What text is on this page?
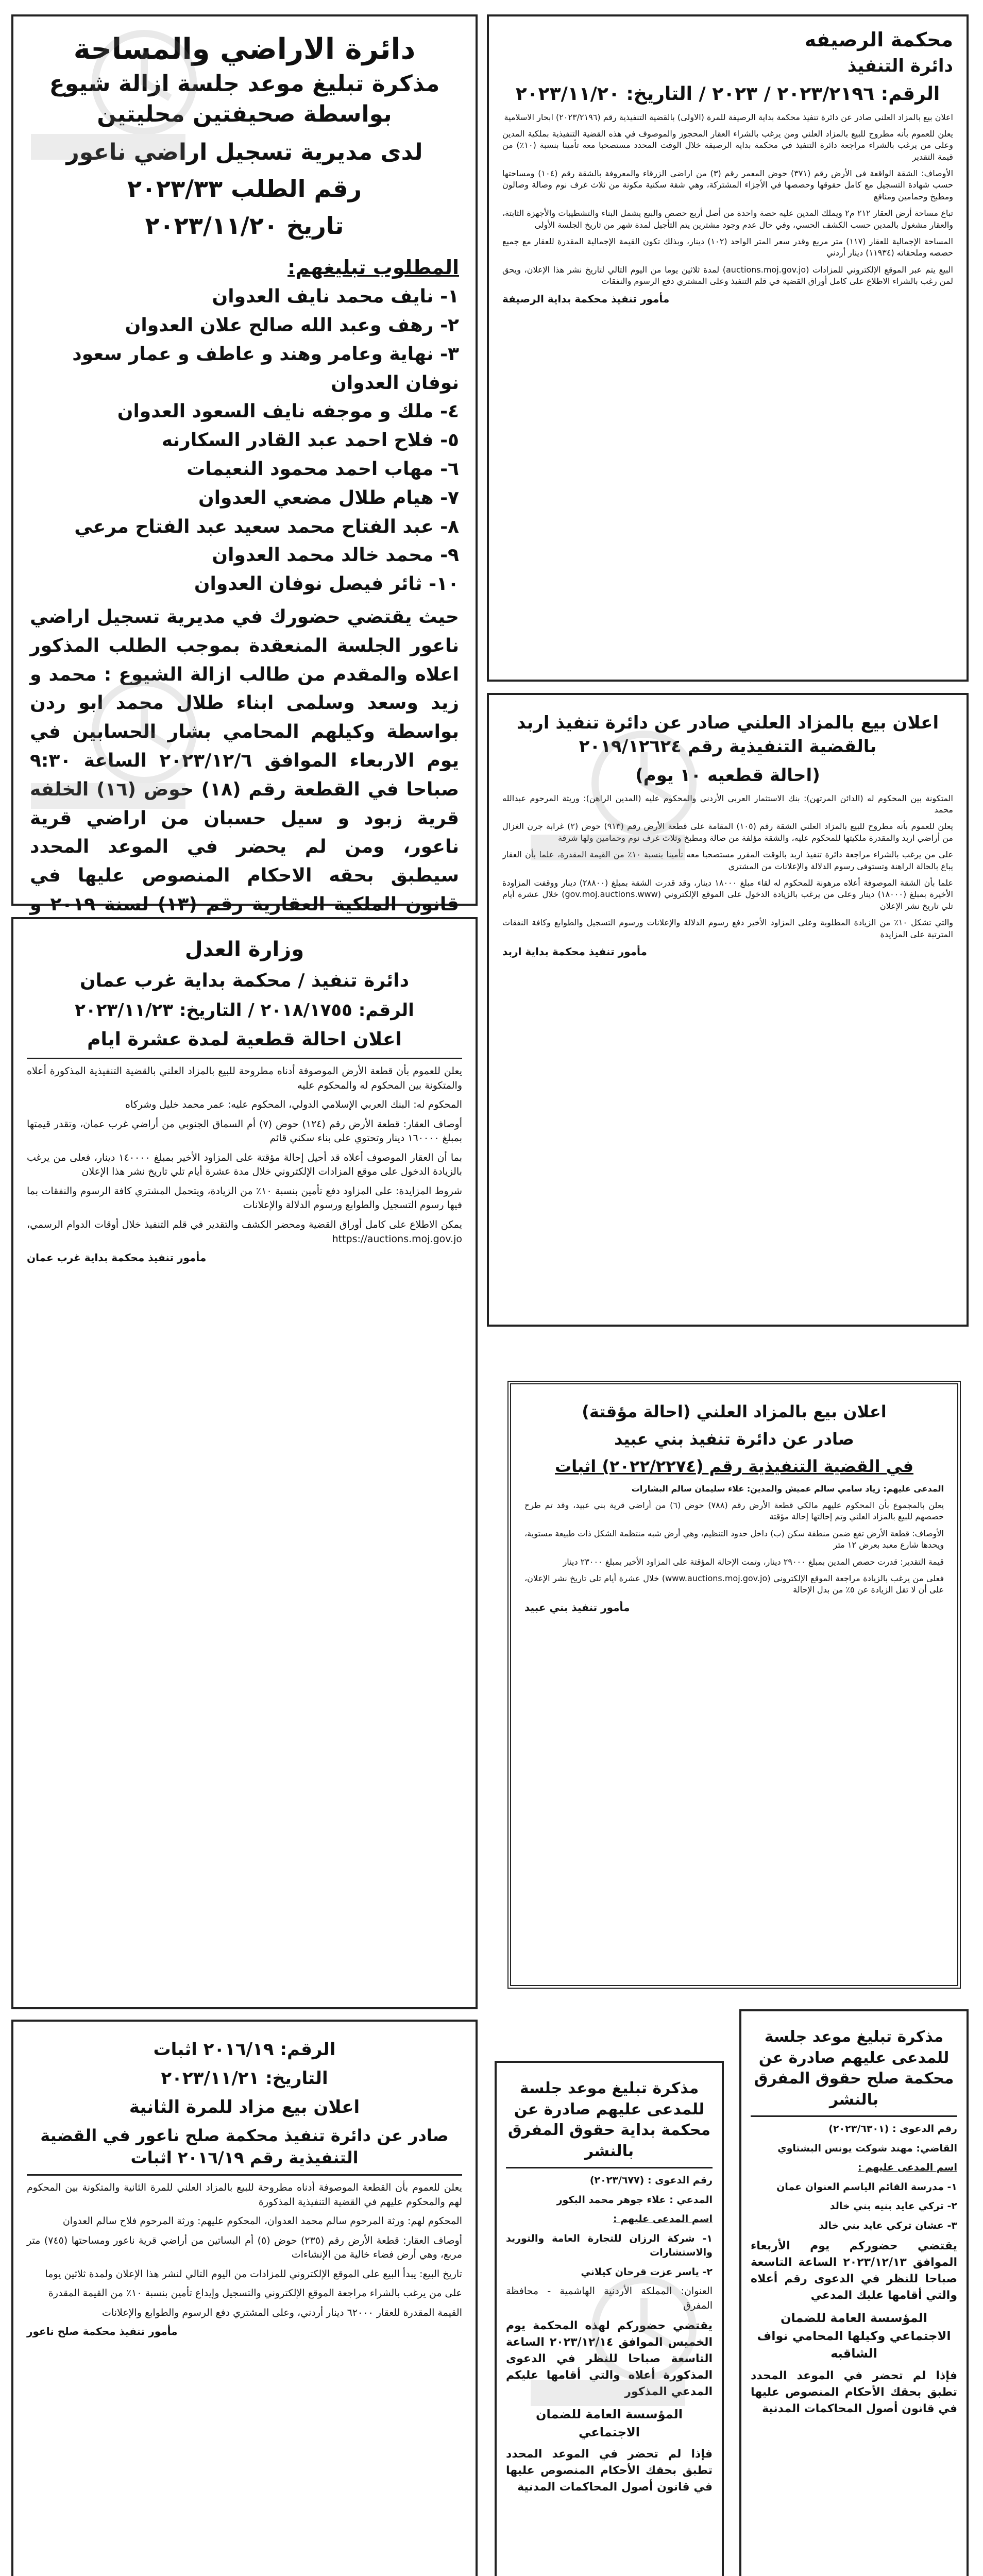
محكمة الرصيفه
دائرة التنفيذ
الرقم: ٢٠٢٣/٢١٩٦ / ٢٠٢٣ / التاريخ: ٢٠٢٣/١١/٢٠

اعلان بيع بالمزاد العلني صادر عن دائرة تنفيذ محكمة بداية الرصيفة للمرة (الاولى) بالقضية التنفيذية رقم (٢٠٢٣/٢١٩٦) ابحار الاسلامية

يعلن للعموم بأنه مطروح للبيع بالمزاد العلني ومن يرغب بالشراء العقار المحجوز والموصوف في هذه القضية التنفيذية بملكية المدين وعلى من يرغب بالشراء مراجعة دائرة التنفيذ في محكمة بداية الرصيفة خلال الوقت المحدد مستصحبا معه تأمينا بنسبة (١٠٪) من قيمة التقدير

الأوصاف: الشقة الواقعة في الأرض رقم (٣٧١) حوض المعمر رقم (٣) من اراضي الزرقاء والمعروفة بالشقة رقم (١٠٤) ومساحتها حسب شهادة التسجيل مع كامل حقوقها وحصصها في الأجزاء المشتركة، وهي شقة سكنية مكونة من ثلاث غرف نوم وصالة وصالون ومطبخ وحمامين ومنافع

تباع مساحة أرض العقار ٢١٢ م٢ ويملك المدين عليه حصة واحدة من أصل أربع حصص والبيع يشمل البناء والتشطيبات والأجهزة الثابتة، والعقار مشغول بالمدين حسب الكشف الحسي، وفي حال عدم وجود مشترين يتم التأجيل لمدة شهر من تاريخ الجلسة الأولى

المساحة الإجمالية للعقار (١١٧) متر مربع وقدر سعر المتر الواحد (١٠٢) دينار، وبذلك تكون القيمة الإجمالية المقدرة للعقار مع جميع حصصه وملحقاته (١١٩٣٤) دينار أردني

البيع يتم عبر الموقع الإلكتروني للمزادات (auctions.moj.gov.jo) لمدة ثلاثين يوما من اليوم التالي لتاريخ نشر هذا الإعلان، ويحق لمن رغب بالشراء الاطلاع على كامل أوراق القضية في قلم التنفيذ وعلى المشتري دفع الرسوم والنفقات

مأمور تنفيذ محكمة بداية الرصيفة
دائرة الاراضي والمساحة
مذكرة تبليغ موعد جلسة ازالة شيوع
بواسطة صحيفتين محليتين
لدى مديرية تسجيل اراضي ناعور
رقم الطلب ٢٠٢٣/٣٣
تاريخ ٢٠٢٣/١١/٢٠
المطلوب تبليغهم:
١- نايف محمد نايف العدوان
٢- رهف وعبد الله صالح علان العدوان
٣- نهاية وعامر وهند و عاطف و عمار سعود نوفان العدوان
٤- ملك و موجفه نايف السعود العدوان
٥- فلاح احمد عبد القادر السكارنه
٦- مهاب احمد محمود النعيمات
٧- هيام طلال مضعي العدوان
٨- عبد الفتاح محمد سعيد عبد الفتاح مرعي
٩- محمد خالد محمد العدوان
١٠- ثائر فيصل نوفان العدوان
حيث يقتضي حضورك في مديرية تسجيل اراضي ناعور الجلسة المنعقدة بموجب الطلب المذكور اعلاه والمقدم من طالب ازالة الشيوع : محمد و زيد وسعد وسلمى ابناء طلال محمد ابو ردن بواسطة وكيلهم المحامي بشار الحسابين في يوم الاربعاء الموافق ٢٠٢٣/١٢/٦ الساعة ٩:٣٠ صباحا في القطعة رقم (١٨) حوض (١٦) الخلفه قرية زبود و سيل حسبان من اراضي قرية ناعور، ومن لم يحضر في الموعد المحدد سيطبق بحقه الاحكام المنصوص عليها في قانون الملكية العقارية رقم (١٣) لسنة ٢٠١٩ و
اعلان بيع بالمزاد العلني صادر عن دائرة تنفيذ اربد بالقضية التنفيذية رقم ٢٠١٩/١٢٦٢٤
(احالة قطعيه ١٠ يوم)

المتكونة بين المحكوم له (الدائن المرتهن): بنك الاستثمار العربي الأردني والمحكوم عليه (المدين الراهن): وريثة المرحوم عبدالله محمد

يعلن للعموم بأنه مطروح للبيع بالمزاد العلني الشقة رقم (١٠٥) المقامة على قطعة الأرض رقم (٩١٣) حوض (٢) غرابة جرن الغزال من أراضي اربد والمقدرة ملكيتها للمحكوم عليه، والشقة مؤلفة من صالة ومطبخ وثلاث غرف نوم وحمامين ولها شرفة

على من يرغب بالشراء مراجعة دائرة تنفيذ اربد بالوقت المقرر مستصحبا معه تأمينا بنسبة ١٠٪ من القيمة المقدرة، علما بأن العقار يباع بالحالة الراهنة وتستوفى رسوم الدلالة والإعلانات من المشتري

علما بأن الشقة الموصوفة أعلاه مرهونة للمحكوم له لقاء مبلغ ١٨٠٠٠ دينار، وقد قدرت الشقة بمبلغ (٢٨٨٠٠) دينار ووقفت المزاودة الأخيرة بمبلغ (١٨٠٠٠) دينار وعلى من يرغب بالزيادة الدخول على الموقع الإلكتروني (gov.moj.auctions.www) خلال عشرة أيام تلي تاريخ نشر الإعلان

والتي تشكل ١٠٪ من الزيادة المطلوبة وعلى المزاود الأخير دفع رسوم الدلالة والإعلانات ورسوم التسجيل والطوابع وكافة النفقات المترتبة على المزايدة

مأمور تنفيذ محكمة بداية اربد
وزارة العدل
دائرة تنفيذ / محكمة بداية غرب عمان
الرقم: ٢٠١٨/١٧٥٥ / التاريخ: ٢٠٢٣/١١/٢٣
اعلان احالة قطعية لمدة عشرة ايام

يعلن للعموم بأن قطعة الأرض الموصوفة أدناه مطروحة للبيع بالمزاد العلني بالقضية التنفيذية المذكورة أعلاه والمتكونة بين المحكوم له والمحكوم عليه

المحكوم له: البنك العربي الإسلامي الدولي، المحكوم عليه: عمر محمد خليل وشركاه

أوصاف العقار: قطعة الأرض رقم (١٢٤) حوض (٧) أم السماق الجنوبي من أراضي غرب عمان، وتقدر قيمتها بمبلغ ١٦٠٠٠٠ دينار وتحتوي على بناء سكني قائم

بما أن العقار الموصوف أعلاه قد أحيل إحالة مؤقتة على المزاود الأخير بمبلغ ١٤٠٠٠٠ دينار، فعلى من يرغب بالزيادة الدخول على موقع المزادات الإلكتروني خلال مدة عشرة أيام تلي تاريخ نشر هذا الإعلان

شروط المزايدة: على المزاود دفع تأمين بنسبة ١٠٪ من الزيادة، ويتحمل المشتري كافة الرسوم والنفقات بما فيها رسوم التسجيل والطوابع ورسوم الدلالة والإعلانات

يمكن الاطلاع على كامل أوراق القضية ومحضر الكشف والتقدير في قلم التنفيذ خلال أوقات الدوام الرسمي، https://auctions.moj.gov.jo

مأمور تنفيذ محكمة بداية غرب عمان
اعلان بيع بالمزاد العلني (احالة مؤقتة)
صادر عن دائرة تنفيذ بني عبيد
في القضية التنفيذية رقم (٢٠٢٢/٢٢٧٤) اثبات

المدعى عليهم: زياد سامي سالم عميش والمدين: علاء سليمان سالم البشارات

يعلن بالمجموع بأن المحكوم عليهم مالكي قطعة الأرض رقم (٧٨٨) حوض (٦) من أراضي قرية بني عبيد، وقد تم طرح حصصهم للبيع بالمزاد العلني وتم إحالتها إحالة مؤقتة

الأوصاف: قطعة الأرض تقع ضمن منطقة سكن (ب) داخل حدود التنظيم، وهي أرض شبه منتظمة الشكل ذات طبيعة مستوية، ويحدها شارع معبد بعرض ١٢ متر

قيمة التقدير: قدرت حصص المدين بمبلغ ٢٩٠٠٠ دينار، وتمت الإحالة المؤقتة على المزاود الأخير بمبلغ ٢٣٠٠٠ دينار

فعلى من يرغب بالزيادة مراجعة الموقع الإلكتروني (www.auctions.moj.gov.jo) خلال عشرة أيام تلي تاريخ نشر الإعلان، على أن لا تقل الزيادة عن ٥٪ من بدل الإحالة

مأمور تنفيذ بني عبيد
الرقم: ٢٠١٦/١٩ اثبات
التاريخ: ٢٠٢٣/١١/٢١
اعلان بيع مزاد للمرة الثانية
صادر عن دائرة تنفيذ محكمة صلح ناعور في القضية التنفيذية رقم ٢٠١٦/١٩ اثبات

يعلن للعموم بأن القطعة الموصوفة أدناه مطروحة للبيع بالمزاد العلني للمرة الثانية والمتكونة بين المحكوم لهم والمحكوم عليهم في القضية التنفيذية المذكورة

المحكوم لهم: ورثة المرحوم سالم محمد العدوان، المحكوم عليهم: ورثة المرحوم فلاح سالم العدوان

أوصاف العقار: قطعة الأرض رقم (٢٣٥) حوض (٥) أم البساتين من أراضي قرية ناعور ومساحتها (٧٤٥) متر مربع، وهي أرض فضاء خالية من الإنشاءات

تاريخ البيع: يبدأ البيع على الموقع الإلكتروني للمزادات من اليوم التالي لنشر هذا الإعلان ولمدة ثلاثين يوما

على من يرغب بالشراء مراجعة الموقع الإلكتروني والتسجيل وإيداع تأمين بنسبة ١٠٪ من القيمة المقدرة

القيمة المقدرة للعقار ٦٢٠٠٠ دينار أردني، وعلى المشتري دفع الرسوم والطوابع والإعلانات

مأمور تنفيذ محكمة صلح ناعور
مذكرة تبليغ موعد جلسة للمدعى عليهم صادرة عن محكمة بداية حقوق المفرق بالنشر

رقم الدعوى : (٢٠٢٣/٦٧٧)

المدعي : علاء جوهر محمد البكور

اسم المدعى عليهم :

١- شركة الرزان للتجارة العامة والتوريد والاستشارات

٢- ياسر عزت قرحان كيلاني

العنوان: المملكة الأردنية الهاشمية - محافظة المفرق

يقتضي حضوركم لهذه المحكمة يوم الخميس الموافق ٢٠٢٣/١٢/١٤ الساعة التاسعة صباحا للنظر في الدعوى المذكورة أعلاه والتي أقامها عليكم المدعي المذكور

المؤسسة العامة للضمان الاجتماعي

فإذا لم تحضر في الموعد المحدد تطبق بحقك الأحكام المنصوص عليها في قانون أصول المحاكمات المدنية

مذكرة تبليغ موعد جلسة للمدعى عليهم صادرة عن محكمة صلح حقوق المفرق بالنشر

رقم الدعوى : (٢٠٢٣/٦٣٠١)

القاضي: مهند شوكت يونس البشتاوي

اسم المدعى عليهم :

١- مدرسة القائم الياسم العنوان عمان

٢- تركي عايد بنيه بني خالد

٣- عشان تركي عايد بني خالد

يقتضي حضوركم يوم الأربعاء الموافق ٢٠٢٣/١٢/١٣ الساعة التاسعة صباحا للنظر في الدعوى رقم أعلاه والتي أقامها عليك المدعي

المؤسسة العامة للضمان الاجتماعي وكيلها المحامي نواف الشاقبه

فإذا لم تحضر في الموعد المحدد تطبق بحقك الأحكام المنصوص عليها في قانون أصول المحاكمات المدنية
